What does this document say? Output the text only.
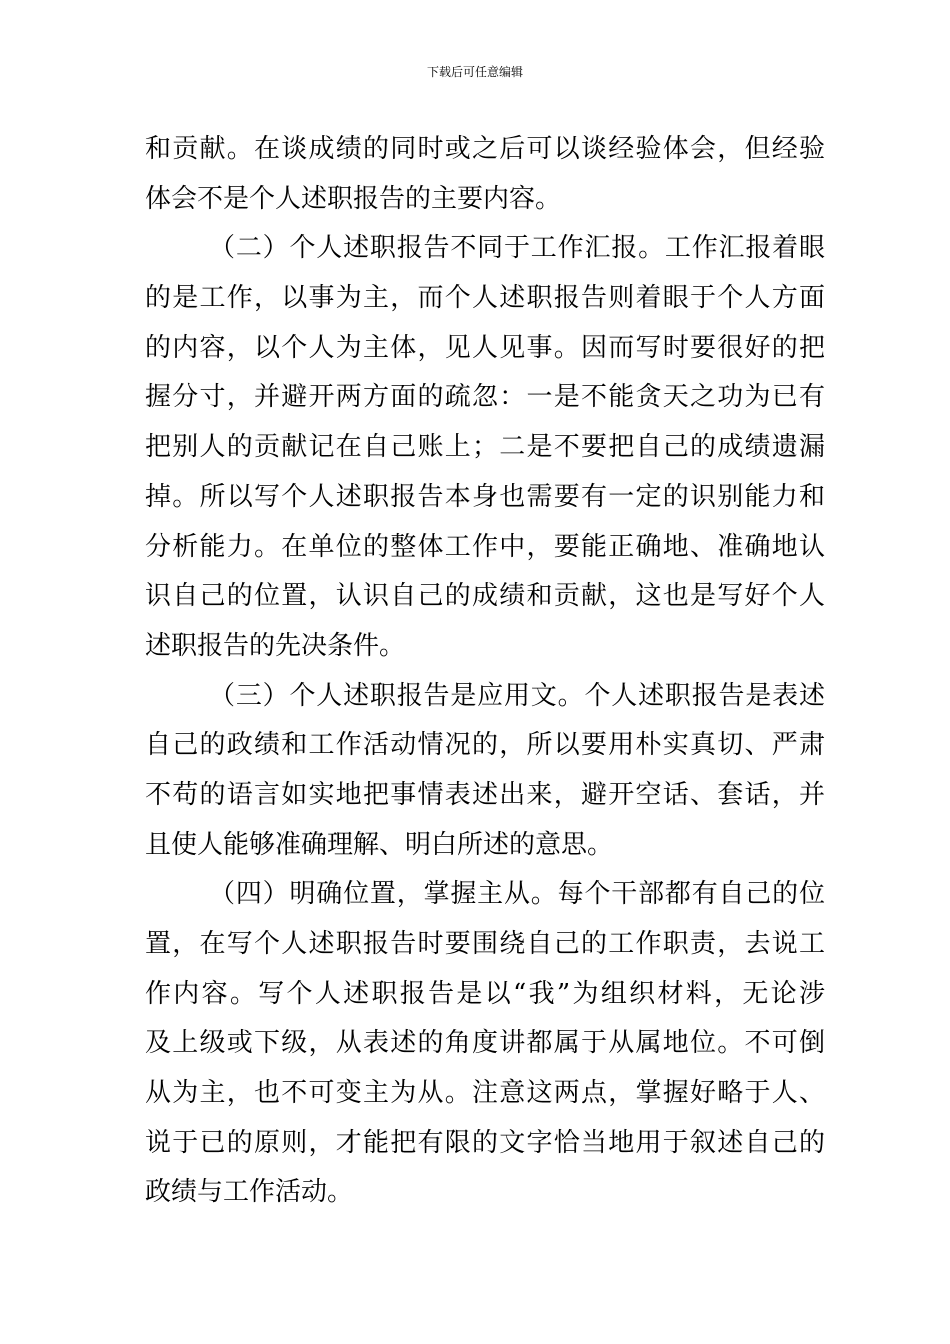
下载后可任意编辑
和贡献。在谈成绩的同时或之后可以谈经验体会，但经验
体会不是个人述职报告的主要内容。
（二）个人述职报告不同于工作汇报。工作汇报着眼
的是工作，以事为主，而个人述职报告则着眼于个人方面
的内容，以个人为主体，见人见事。因而写时要很好的把
握分寸，并避开两方面的疏忽：一是不能贪天之功为已有
把别人的贡献记在自己账上；二是不要把自己的成绩遗漏
掉。所以写个人述职报告本身也需要有一定的识别能力和
分析能力。在单位的整体工作中，要能正确地、准确地认
识自己的位置，认识自己的成绩和贡献，这也是写好个人
述职报告的先决条件。
（三）个人述职报告是应用文。个人述职报告是表述
自己的政绩和工作活动情况的，所以要用朴实真切、严肃
不苟的语言如实地把事情表述出来，避开空话、套话，并
且使人能够准确理解、明白所述的意思。
（四）明确位置，掌握主从。每个干部都有自己的位
置，在写个人述职报告时要围绕自己的工作职责，去说工
作内容。写个人述职报告是以“我”为组织材料，无论涉
及上级或下级，从表述的角度讲都属于从属地位。不可倒
从为主，也不可变主为从。注意这两点，掌握好略于人、
说于已的原则，才能把有限的文字恰当地用于叙述自己的
政绩与工作活动。
